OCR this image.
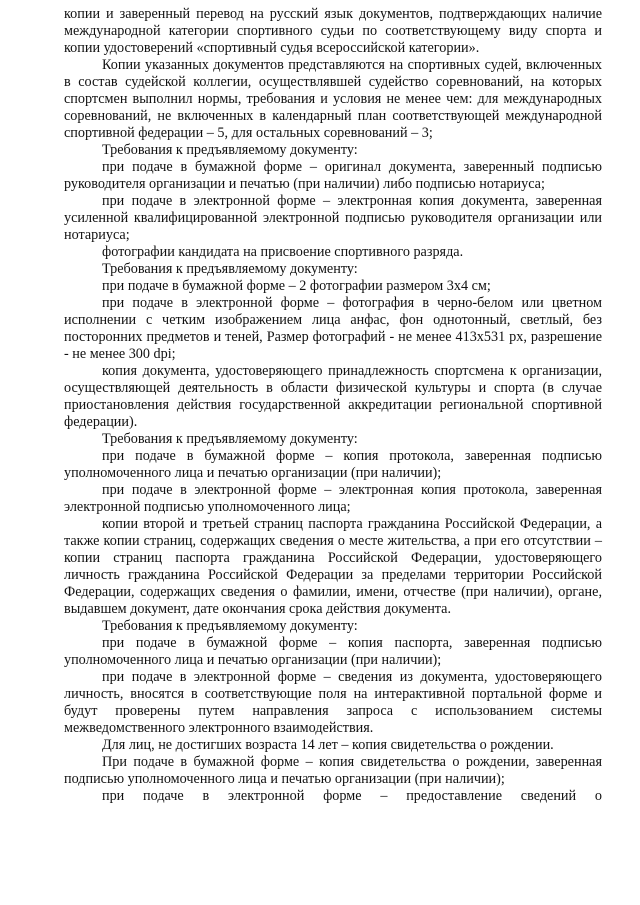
копии и заверенный перевод на русский язык документов, подтверждающих наличие международной категории спортивного судьи по соответствующему виду спорта и копии удостоверений «спортивный судья всероссийской категории».

Копии указанных документов представляются на спортивных судей, включенных в состав судейской коллегии, осуществлявшей судейство соревнований, на которых спортсмен выполнил нормы, требования и условия не менее чем: для международных соревнований, не включенных в календарный план соответствующей международной спортивной федерации – 5, для остальных соревнований – 3;

Требования к предъявляемому документу:

при подаче в бумажной форме – оригинал документа, заверенный подписью руководителя организации и печатью (при наличии) либо подписью нотариуса;

при подаче в электронной форме – электронная копия документа, заверенная усиленной квалифицированной электронной подписью руководителя организации или нотариуса;

фотографии кандидата на присвоение спортивного разряда.

Требования к предъявляемому документу:

при подаче в бумажной форме – 2 фотографии размером 3х4 см;

при подаче в электронной форме – фотография в черно-белом или цветном исполнении с четким изображением лица анфас, фон однотонный, светлый, без посторонних предметов и теней, Размер фотографий - не менее 413х531 px, разрешение - не менее 300 dpi;

копия документа, удостоверяющего принадлежность спортсмена к организации, осуществляющей деятельность в области физической культуры и спорта (в случае приостановления действия государственной аккредитации региональной спортивной федерации).

Требования к предъявляемому документу:

при подаче в бумажной форме – копия протокола, заверенная подписью уполномоченного лица и печатью организации (при наличии);

при подаче в электронной форме – электронная копия протокола, заверенная электронной подписью уполномоченного лица;

копии второй и третьей страниц паспорта гражданина Российской Федерации, а также копии страниц, содержащих сведения о месте жительства, а при его отсутствии – копии страниц паспорта гражданина Российской Федерации, удостоверяющего личность гражданина Российской Федерации за пределами территории Российской Федерации, содержащих сведения о фамилии, имени, отчестве (при наличии), органе, выдавшем документ, дате окончания срока действия документа.

Требования к предъявляемому документу:

при подаче в бумажной форме – копия паспорта, заверенная подписью уполномоченного лица и печатью организации (при наличии);

при подаче в электронной форме – сведения из документа, удостоверяющего личность, вносятся в соответствующие поля на интерактивной портальной форме и будут проверены путем направления запроса с использованием системы межведомственного электронного взаимодействия.

Для лиц, не достигших возраста 14 лет – копия свидетельства о рождении.

При подаче в бумажной форме – копия свидетельства о рождении, заверенная подписью уполномоченного лица и печатью организации (при наличии);

при подаче в электронной форме – предоставление сведений о
